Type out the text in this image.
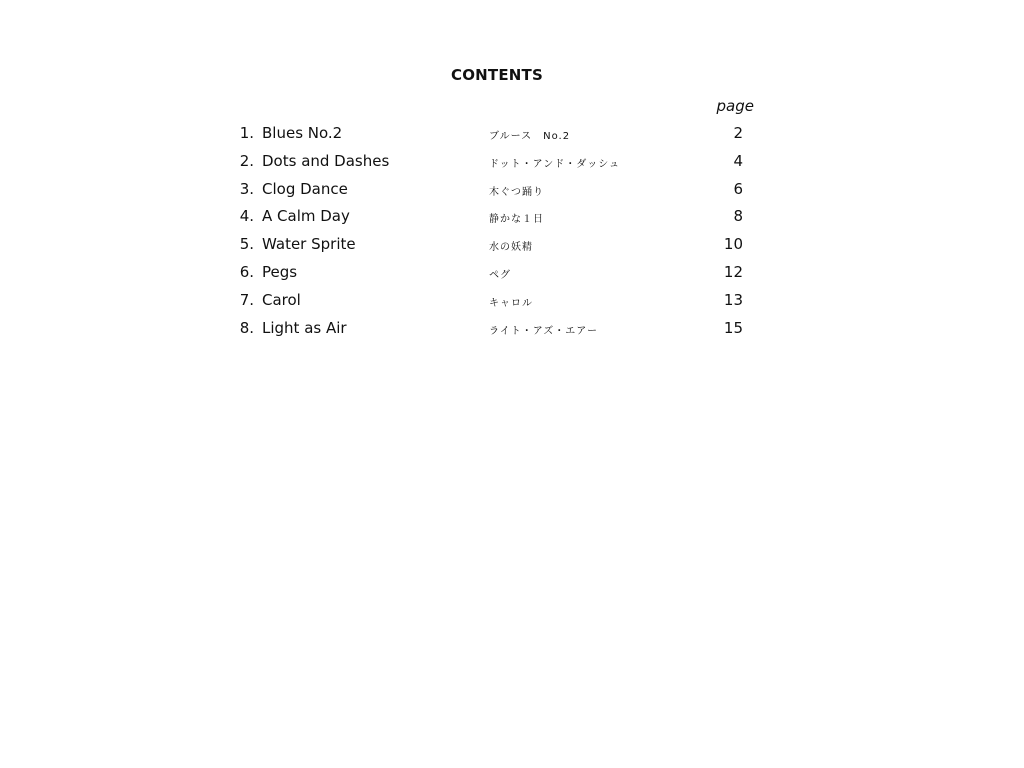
CONTENTS
page
1. Blues No.2	ブルース　No.2	2
2. Dots and Dashes	ドット・アンド・ダッシュ	4
3. Clog Dance	木ぐつ踊り	6
4. A Calm Day	静かな１日	8
5. Water Sprite	水の妖精	10
6. Pegs	ペグ	12
7. Carol	キャロル	13
8. Light as Air	ライト・アズ・エアー	15
